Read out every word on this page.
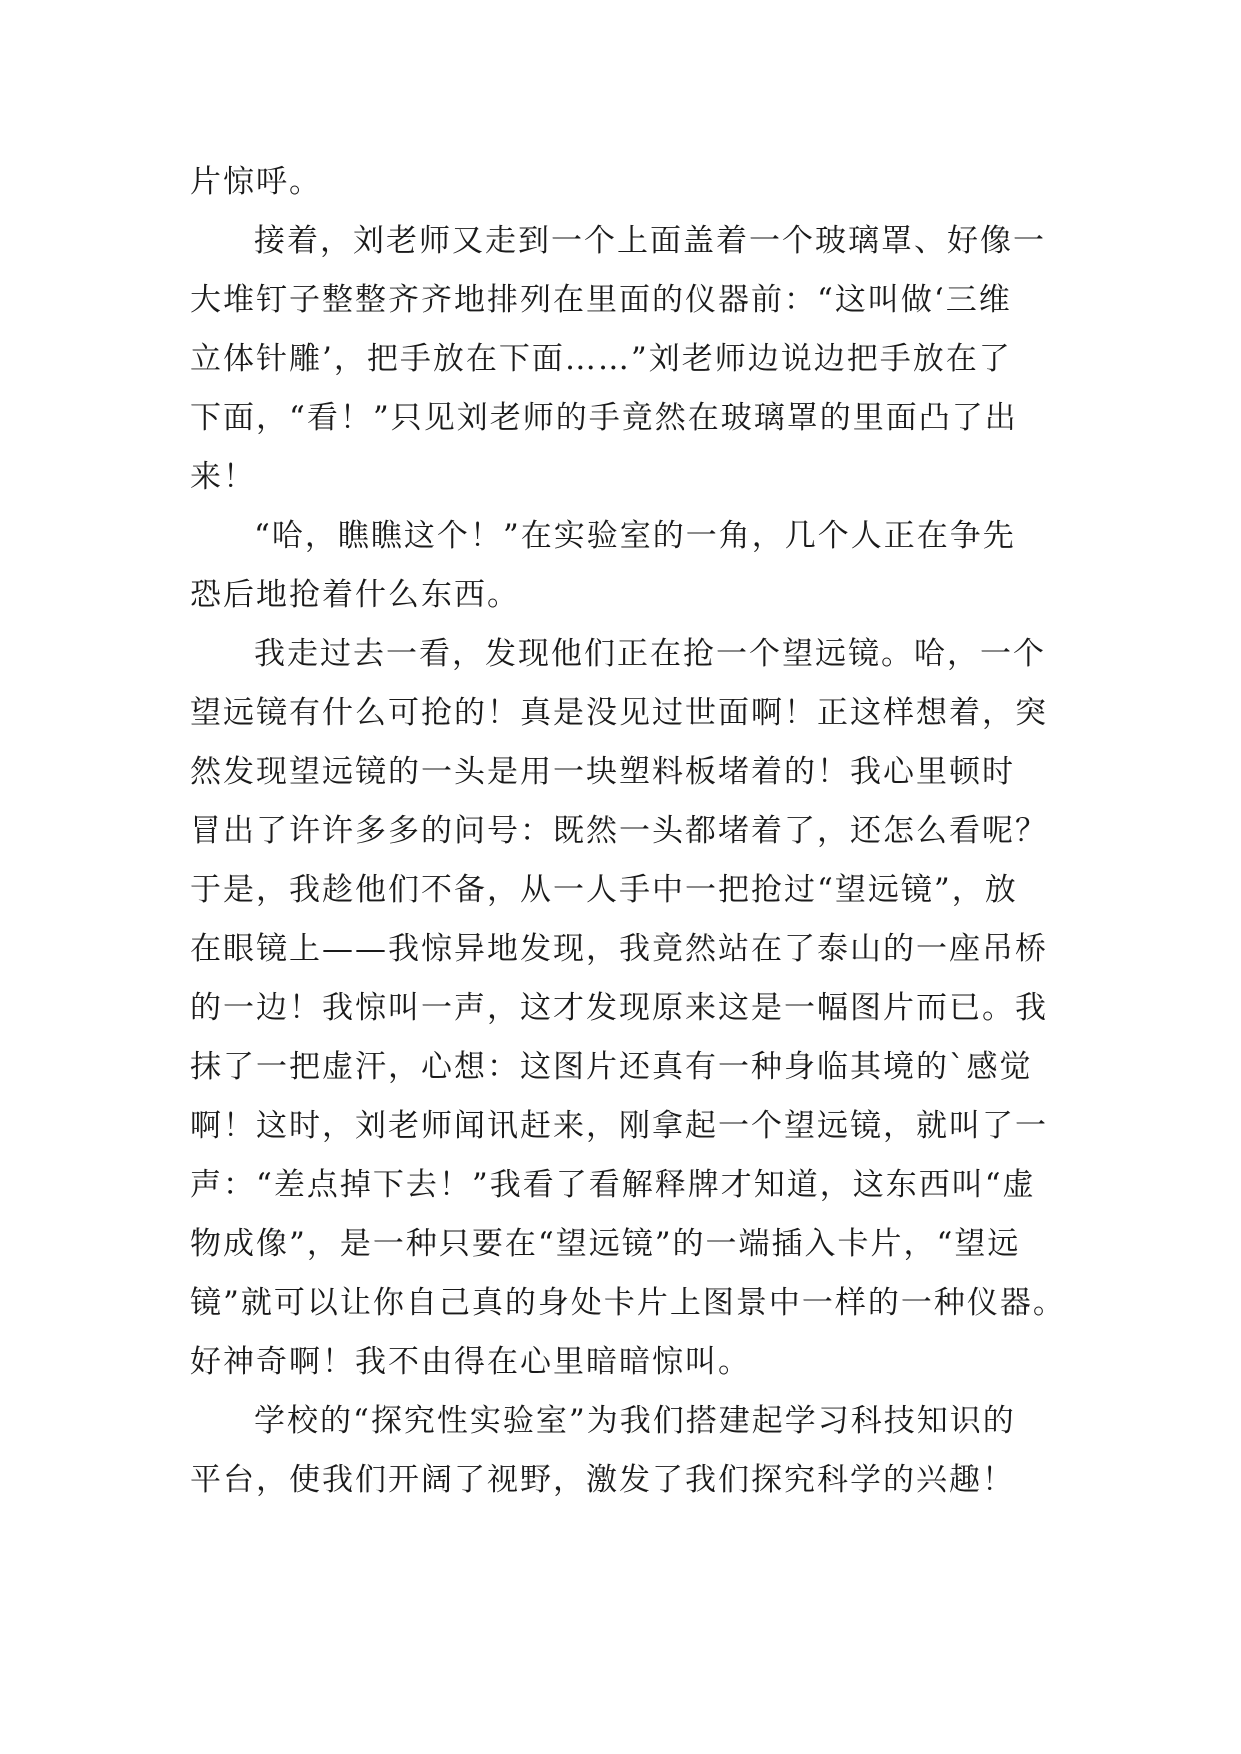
片惊呼。
接着，刘老师又走到一个上面盖着一个玻璃罩、好像一
大堆钉子整整齐齐地排列在里面的仪器前：“这叫做‘三维
立体针雕’，把手放在下面……”刘老师边说边把手放在了
下面，“看！”只见刘老师的手竟然在玻璃罩的里面凸了出
来！
“哈，瞧瞧这个！”在实验室的一角，几个人正在争先
恐后地抢着什么东西。
我走过去一看，发现他们正在抢一个望远镜。哈，一个
望远镜有什么可抢的！真是没见过世面啊！正这样想着，突
然发现望远镜的一头是用一块塑料板堵着的！我心里顿时
冒出了许许多多的问号：既然一头都堵着了，还怎么看呢？
于是，我趁他们不备，从一人手中一把抢过“望远镜”，放
在眼镜上——我惊异地发现，我竟然站在了泰山的一座吊桥
的一边！我惊叫一声，这才发现原来这是一幅图片而已。我
抹了一把虚汗，心想：这图片还真有一种身临其境的`感觉
啊！这时，刘老师闻讯赶来，刚拿起一个望远镜，就叫了一
声：“差点掉下去！”我看了看解释牌才知道，这东西叫“虚
物成像”，是一种只要在“望远镜”的一端插入卡片，“望远
镜”就可以让你自己真的身处卡片上图景中一样的一种仪器。
好神奇啊！我不由得在心里暗暗惊叫。
学校的“探究性实验室”为我们搭建起学习科技知识的
平台，使我们开阔了视野，激发了我们探究科学的兴趣！
